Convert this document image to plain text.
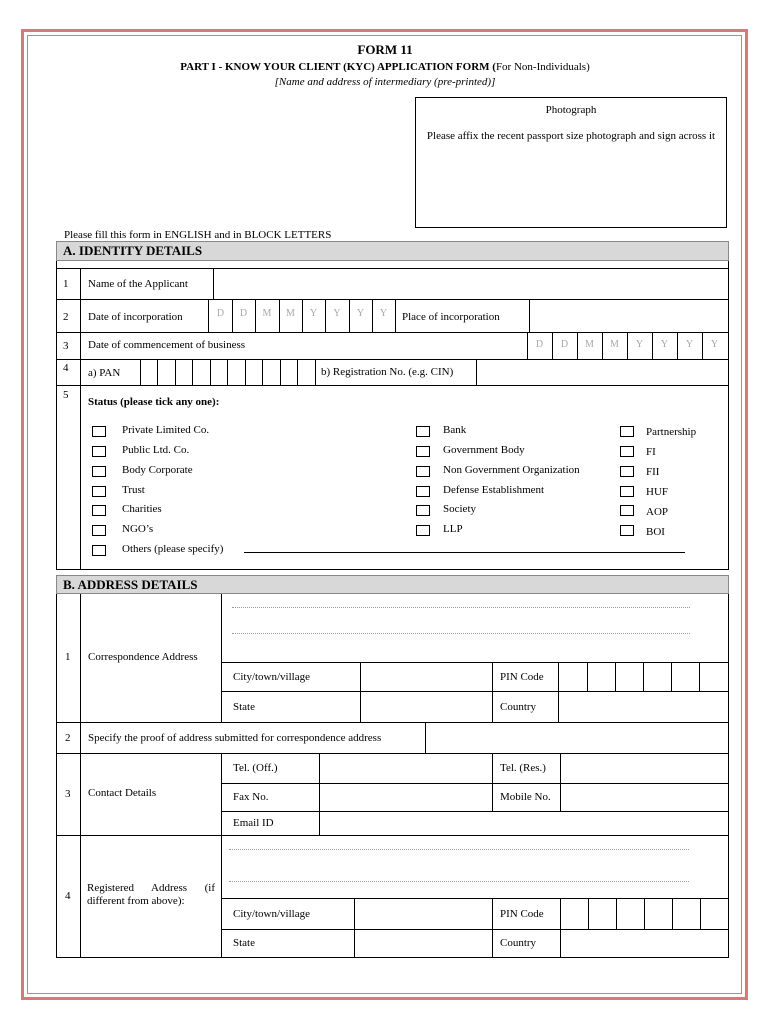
FORM 11
PART I - KNOW YOUR CLIENT (KYC) APPLICATION FORM (For Non-Individuals)
[Name and address of intermediary (pre-printed)]
Photograph
Please affix the recent passport size photograph and sign across it
Please fill this form in ENGLISH and in BLOCK LETTERS
A. IDENTITY DETAILS
1 Name of the Applicant
2 Date of incorporation	D	D	M	M	Y	Y	Y	Y	Place of incorporation
3 Date of commencement of business	D	D	M	M	Y	Y	Y	Y
4 a) PAN	b) Registration No. (e.g. CIN)
5
Status (please tick any one):
Private Limited Co.
Public Ltd. Co.
Body Corporate
Trust
Charities
NGO’s
Others (please specify)
Bank
Government Body
Non Government Organization
Defense Establishment
Society
LLP
Partnership
FI
FII
HUF
AOP
BOI
B. ADDRESS DETAILS
1 Correspondence Address
City/town/village	PIN Code
State	Country
2 Specify the proof of address submitted for correspondence address
3 Contact Details
Tel. (Off.)	Tel. (Res.)
Fax No.	Mobile No.
Email ID
4
Registered Address (if different from above):
City/town/village	PIN Code
State	Country
